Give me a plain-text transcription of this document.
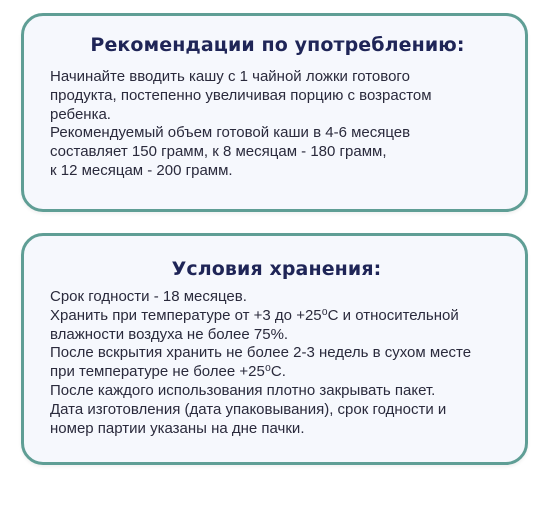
Рекомендации по употреблению:
Начинайте вводить кашу с 1 чайной ложки готового
продукта, постепенно увеличивая порцию с возрастом
ребенка.
Рекомендуемый объем готовой каши в 4-6 месяцев
составляет 150 грамм, к 8 месяцам - 180 грамм,
к 12 месяцам - 200 грамм.
Условия хранения:
Срок годности - 18 месяцев.
Хранить при температуре от +3 до +25⁰С и относительной
влажности воздуха не более 75%.
После вскрытия хранить не более 2-3 недель в сухом месте
при температуре не более +25⁰С.
После каждого использования плотно закрывать пакет.
Дата изготовления (дата упаковывания), срок годности и
номер партии указаны на дне пачки.
